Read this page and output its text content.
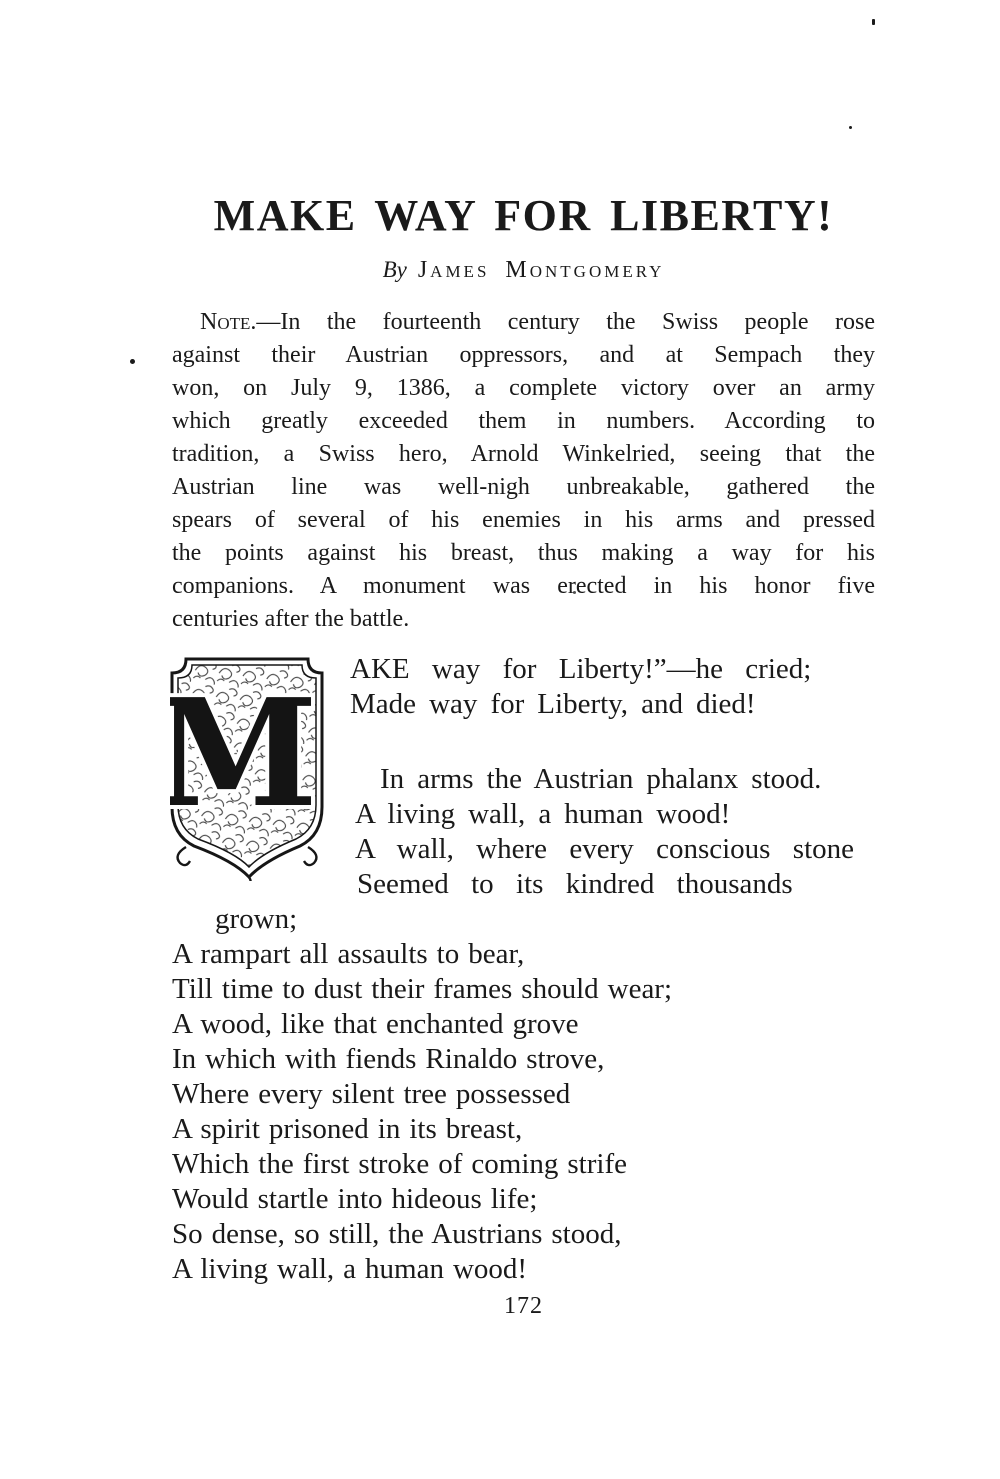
MAKE WAY FOR LIBERTY!
By James Montgomery
Note.—In the fourteenth century the Swiss people rose
against their Austrian oppressors, and at Sempach they
won, on July 9, 1386, a complete victory over an army
which greatly exceeded them in numbers. According to
tradition, a Swiss hero, Arnold Winkelried, seeing that the
Austrian line was well-nigh unbreakable, gathered the
spears of several of his enemies in his arms and pressed
the points against his breast, thus making a way for his
companions. A monument was erected in his honor five
centuries after the battle.
M AKE way for Liberty!”—he cried;
Made way for Liberty, and died!
In arms the Austrian phalanx stood.
A living wall, a human wood!
A wall, where every conscious stone
Seemed to its kindred thousands
grown;
A rampart all assaults to bear,
Till time to dust their frames should wear;
A wood, like that enchanted grove
In which with fiends Rinaldo strove,
Where every silent tree possessed
A spirit prisoned in its breast,
Which the first stroke of coming strife
Would startle into hideous life;
So dense, so still, the Austrians stood,
A living wall, a human wood!
172
